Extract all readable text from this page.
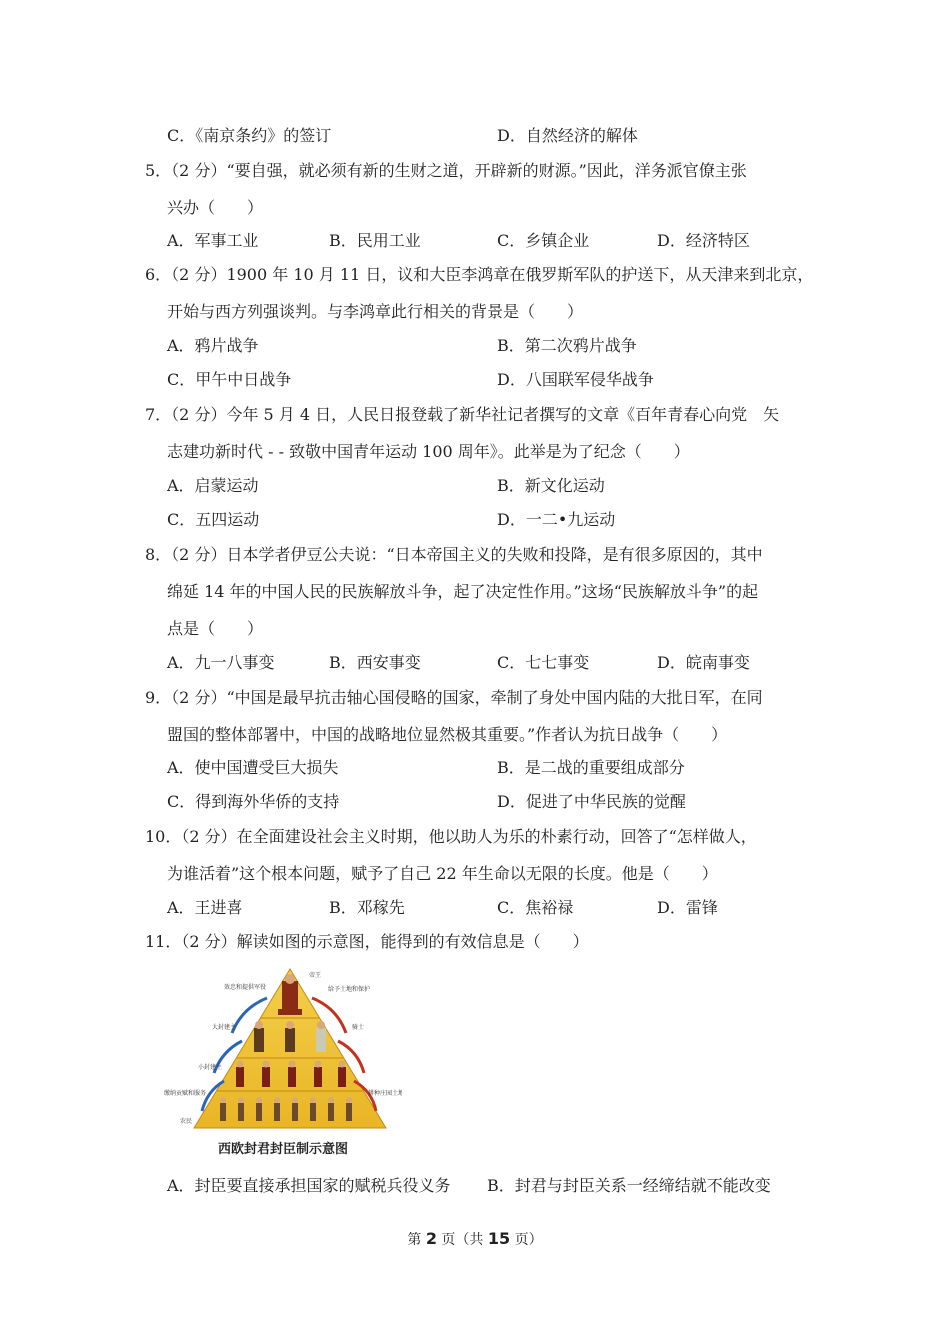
C．《南京条约》的签订	D．自然经济的解体
5．（2 分）“要自强，就必须有新的生财之道，开辟新的财源。”因此，洋务派官僚主张
兴办（　　）
A．军事工业	B．民用工业	C．乡镇企业	D．经济特区
6．（2 分）1900 年 10 月 11 日，议和大臣李鸿章在俄罗斯军队的护送下，从天津来到北京，
开始与西方列强谈判。与李鸿章此行相关的背景是（　　）
A．鸦片战争	B．第二次鸦片战争
C．甲午中日战争	D．八国联军侵华战争
7．（2 分）今年 5 月 4 日，人民日报登载了新华社记者撰写的文章《百年青春心向党　矢
志建功新时代 - - 致敬中国青年运动 100 周年》。此举是为了纪念（　　）
A．启蒙运动	B．新文化运动
C．五四运动	D．一二•九运动
8．（2 分）日本学者伊豆公夫说：“日本帝国主义的失败和投降，是有很多原因的，其中
绵延 14 年的中国人民的民族解放斗争，起了决定性作用。”这场“民族解放斗争”的起
点是（　　）
A．九一八事变	B．西安事变	C．七七事变	D．皖南事变
9．（2 分）“中国是最早抗击轴心国侵略的国家，牵制了身处中国内陆的大批日军，在同
盟国的整体部署中，中国的战略地位显然极其重要。”作者认为抗日战争（　　）
A．使中国遭受巨大损失	B．是二战的重要组成部分
C．得到海外华侨的支持	D．促进了中华民族的觉醒
10．（2 分）在全面建设社会主义时期，他以助人为乐的朴素行动，回答了“怎样做人，
为谁活着”这个根本问题，赋予了自己 22 年生命以无限的长度。他是（　　）
A．王进喜	B．邓稼先	C．焦裕禄	D．雷锋
11．（2 分）解读如图的示意图，能得到的有效信息是（　　）
效忠和提供军役
帝王
给予土地和保护
大封建主
小封建主
缴纳贡赋和服务
农民
骑士
耕种庄园土地
西欧封君封臣制示意图
A．封臣要直接承担国家的赋税兵役义务 B．封君与封臣关系一经缔结就不能改变
第 2 页（共 15 页）
